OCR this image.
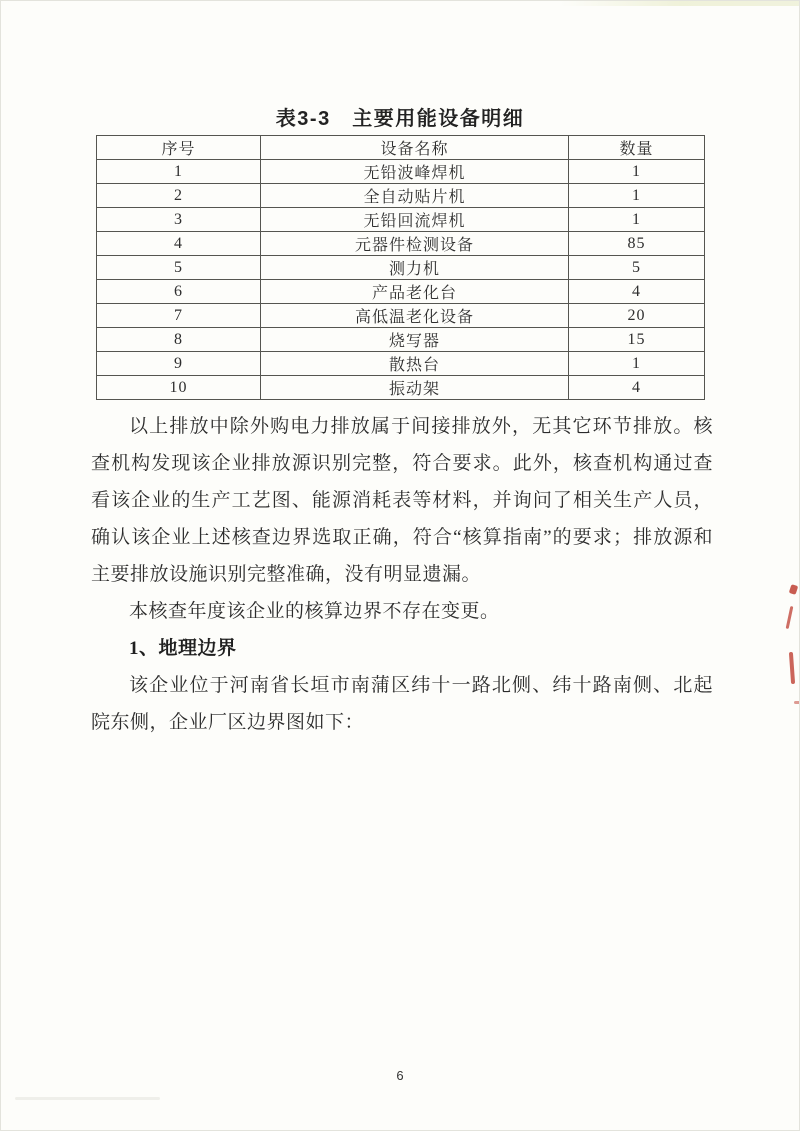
表3-3　主要用能设备明细
序号	设备名称	数量
1	无铅波峰焊机	1
2	全自动贴片机	1
3	无铅回流焊机	1
4	元器件检测设备	85
5	测力机	5
6	产品老化台	4
7	高低温老化设备	20
8	烧写器	15
9	散热台	1
10	振动架	4

以上排放中除外购电力排放属于间接排放外，无其它环节排放。核查机构发现该企业排放源识别完整，符合要求。此外，核查机构通过查看该企业的生产工艺图、能源消耗表等材料，并询问了相关生产人员，确认该企业上述核查边界选取正确，符合“核算指南”的要求；排放源和主要排放设施识别完整准确，没有明显遗漏。

本核查年度该企业的核算边界不存在变更。

1、地理边界

该企业位于河南省长垣市南蒲区纬十一路北侧、纬十路南侧、北起院东侧，企业厂区边界图如下：

6
